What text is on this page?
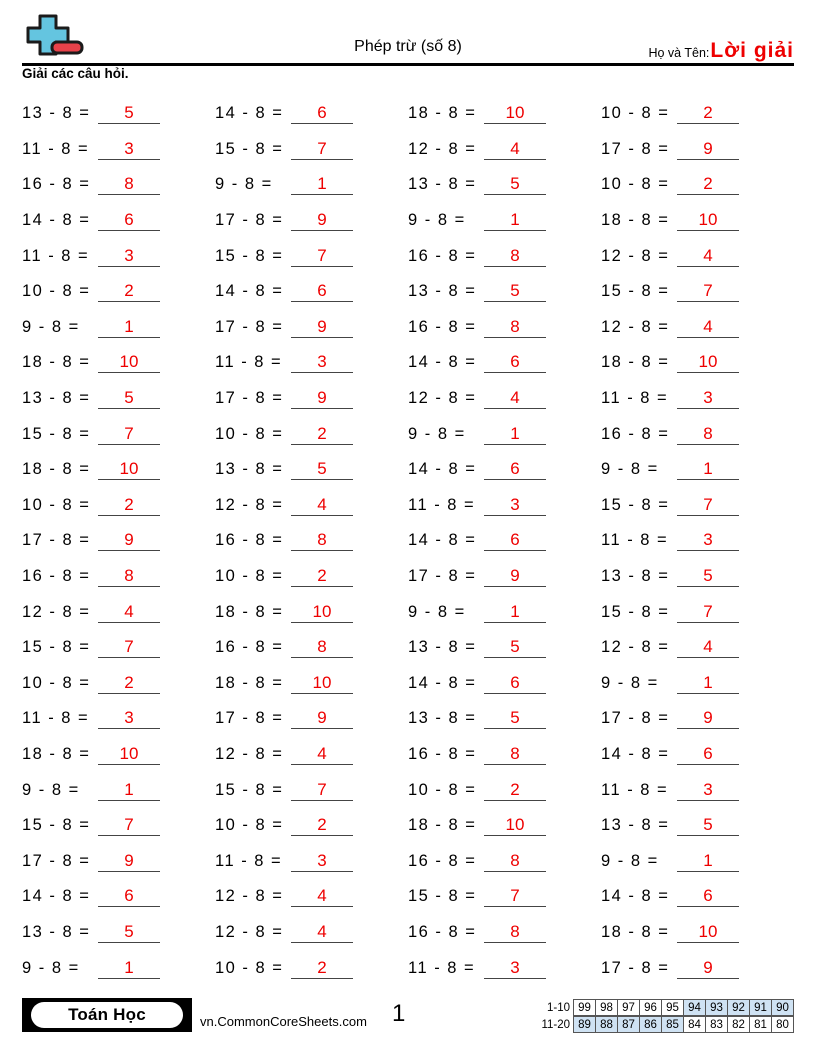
Phép trừ (số 8)	Họ và Tên: Lời giải
Giải các câu hỏi.
13 - 8 =	5
11 - 8 =	3
16 - 8 =	8
14 - 8 =	6
11 - 8 =	3
10 - 8 =	2
9 - 8 =	1
18 - 8 =	10
13 - 8 =	5
15 - 8 =	7
18 - 8 =	10
10 - 8 =	2
17 - 8 =	9
16 - 8 =	8
12 - 8 =	4
15 - 8 =	7
10 - 8 =	2
11 - 8 =	3
18 - 8 =	10
9 - 8 =	1
15 - 8 =	7
17 - 8 =	9
14 - 8 =	6
13 - 8 =	5
9 - 8 =	1
14 - 8 =	6
15 - 8 =	7
9 - 8 =	1
17 - 8 =	9
15 - 8 =	7
14 - 8 =	6
17 - 8 =	9
11 - 8 =	3
17 - 8 =	9
10 - 8 =	2
13 - 8 =	5
12 - 8 =	4
16 - 8 =	8
10 - 8 =	2
18 - 8 =	10
16 - 8 =	8
18 - 8 =	10
17 - 8 =	9
12 - 8 =	4
15 - 8 =	7
10 - 8 =	2
11 - 8 =	3
12 - 8 =	4
12 - 8 =	4
10 - 8 =	2
18 - 8 =	10
12 - 8 =	4
13 - 8 =	5
9 - 8 =	1
16 - 8 =	8
13 - 8 =	5
16 - 8 =	8
14 - 8 =	6
12 - 8 =	4
9 - 8 =	1
14 - 8 =	6
11 - 8 =	3
14 - 8 =	6
17 - 8 =	9
9 - 8 =	1
13 - 8 =	5
14 - 8 =	6
13 - 8 =	5
16 - 8 =	8
10 - 8 =	2
18 - 8 =	10
16 - 8 =	8
15 - 8 =	7
16 - 8 =	8
11 - 8 =	3
10 - 8 =	2
17 - 8 =	9
10 - 8 =	2
18 - 8 =	10
12 - 8 =	4
15 - 8 =	7
12 - 8 =	4
18 - 8 =	10
11 - 8 =	3
16 - 8 =	8
9 - 8 =	1
15 - 8 =	7
11 - 8 =	3
13 - 8 =	5
15 - 8 =	7
12 - 8 =	4
9 - 8 =	1
17 - 8 =	9
14 - 8 =	6
11 - 8 =	3
13 - 8 =	5
9 - 8 =	1
14 - 8 =	6
18 - 8 =	10
17 - 8 =	9
Toán Học	vn.CommonCoreSheets.com 1	1-10 99 98 97 96 95 94 93 92 91 90
11-20 89 88 87 86 85 84 83 82 81 80
